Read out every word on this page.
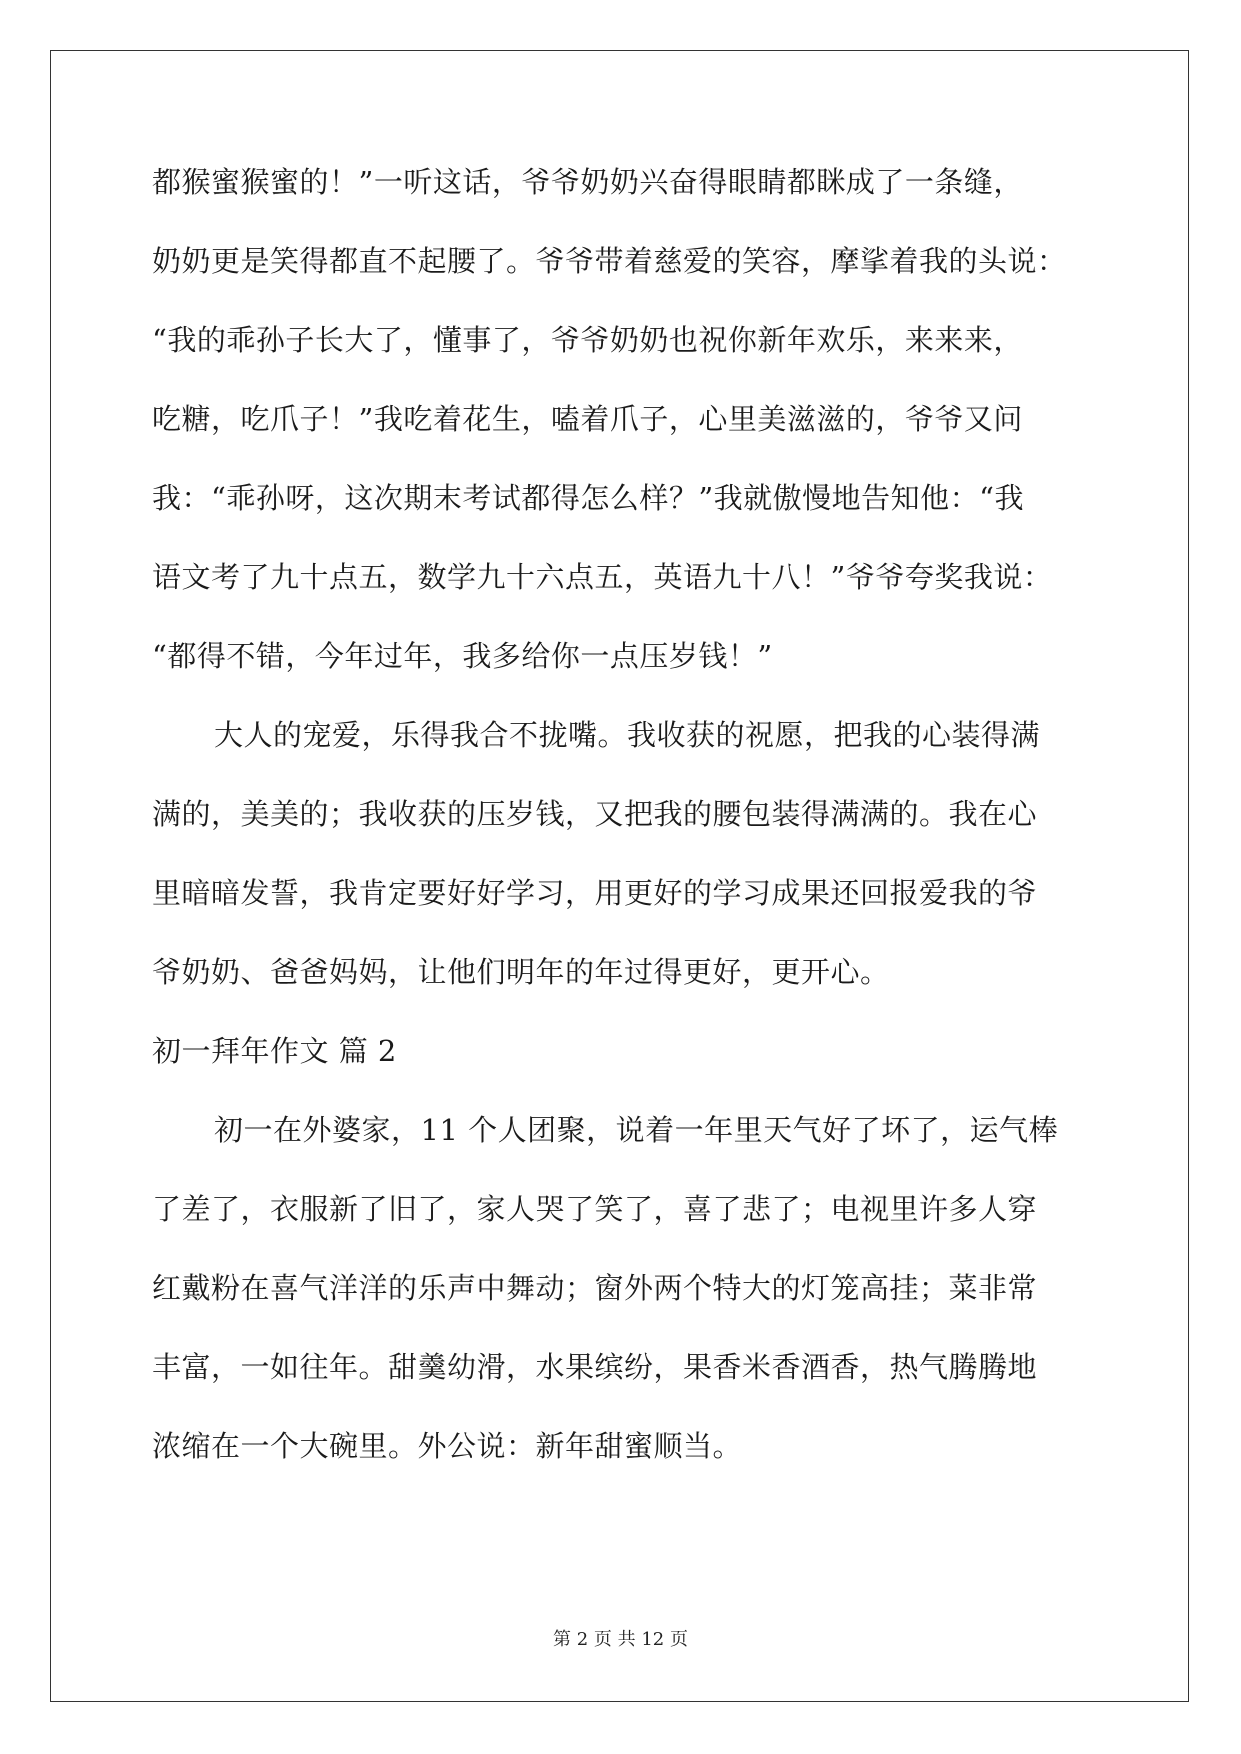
都猴蜜猴蜜的！”一听这话，爷爷奶奶兴奋得眼睛都眯成了一条缝，
奶奶更是笑得都直不起腰了。爷爷带着慈爱的笑容，摩挲着我的头说：
“我的乖孙子长大了，懂事了，爷爷奶奶也祝你新年欢乐，来来来，
吃糖，吃爪子！”我吃着花生，嗑着爪子，心里美滋滋的，爷爷又问
我：“乖孙呀，这次期末考试都得怎么样？”我就傲慢地告知他：“我
语文考了九十点五，数学九十六点五，英语九十八！”爷爷夸奖我说：
“都得不错，今年过年，我多给你一点压岁钱！”
大人的宠爱，乐得我合不拢嘴。我收获的祝愿，把我的心装得满
满的，美美的；我收获的压岁钱，又把我的腰包装得满满的。我在心
里暗暗发誓，我肯定要好好学习，用更好的学习成果还回报爱我的爷
爷奶奶、爸爸妈妈，让他们明年的年过得更好，更开心。
初一拜年作文 篇 2
初一在外婆家，11 个人团聚，说着一年里天气好了坏了，运气棒
了差了，衣服新了旧了，家人哭了笑了，喜了悲了；电视里许多人穿
红戴粉在喜气洋洋的乐声中舞动；窗外两个特大的灯笼高挂；菜非常
丰富，一如往年。甜羹幼滑，水果缤纷，果香米香酒香，热气腾腾地
浓缩在一个大碗里。外公说：新年甜蜜顺当。
第 2 页 共 12 页
